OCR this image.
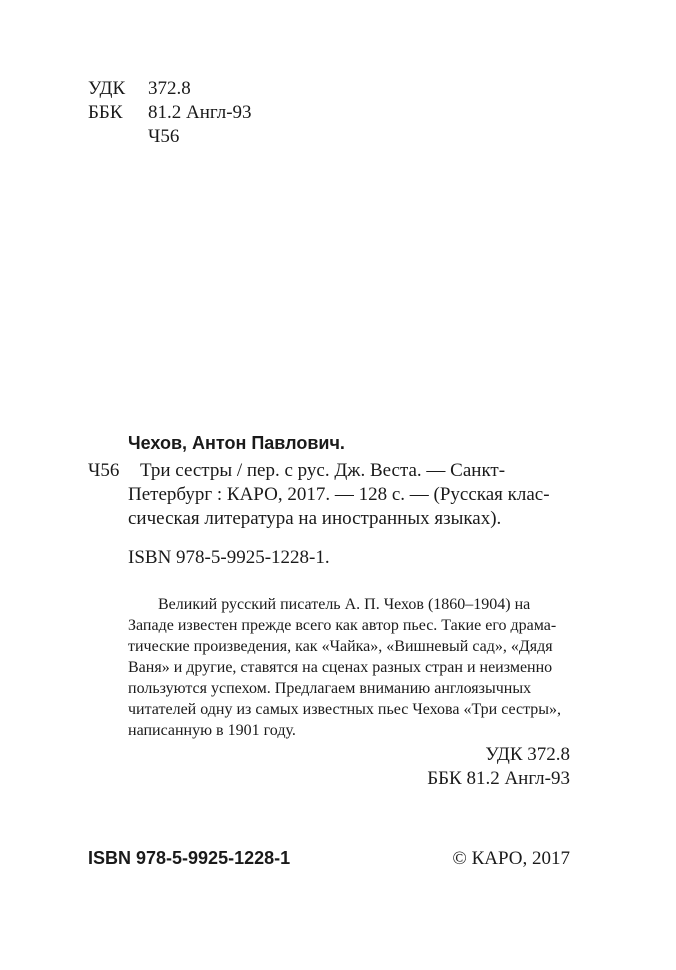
УДК 372.8
ББК 81.2 Англ-93
Ч56
Чехов, Антон Павлович.
Ч56 Три сестры / пер. с рус. Дж. Веста. — Санкт-
Петербург : КАРО, 2017. — 128 с. — (Русская клас-
сическая литература на иностранных языках).
ISBN 978-5-9925-1228-1.
Великий русский писатель А. П. Чехов (1860–1904) на
Западе известен прежде всего как автор пьес. Такие его драма-
тические произведения, как «Чайка», «Вишневый сад», «Дядя
Ваня» и другие, ставятся на сценах разных стран и неизменно
пользуются успехом. Предлагаем вниманию англоязычных
читателей одну из самых известных пьес Чехова «Три сестры»,
написанную в 1901 году.
УДК 372.8
ББК 81.2 Англ-93
ISBN 978-5-9925-1228-1	© КАРО, 2017
